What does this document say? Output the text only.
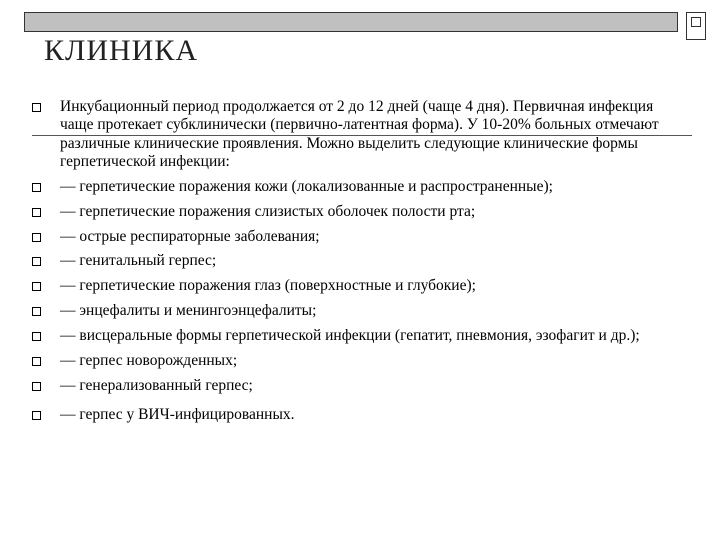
КЛИНИКА
Инкубационный период продолжается от 2 до 12 дней (чаще 4 дня). Первичная инфекция чаще протекает субклинически (первично-латентная форма). У 10-20% больных отмечают различные клинические проявления. Можно выделить следующие клинические формы герпетической инфекции:
— герпетические поражения кожи (локализованные и распространенные);
— герпетические поражения слизистых оболочек полости рта;
— острые респираторные заболевания;
— генитальный герпес;
— герпетические поражения глаз (поверхностные и глубокие);
— энцефалиты и менингоэнцефалиты;
— висцеральные формы герпетической инфекции (гепатит, пневмония, эзофагит и др.);
— герпес новорожденных;
— генерализованный герпес;
— герпес у ВИЧ-инфицированных.
